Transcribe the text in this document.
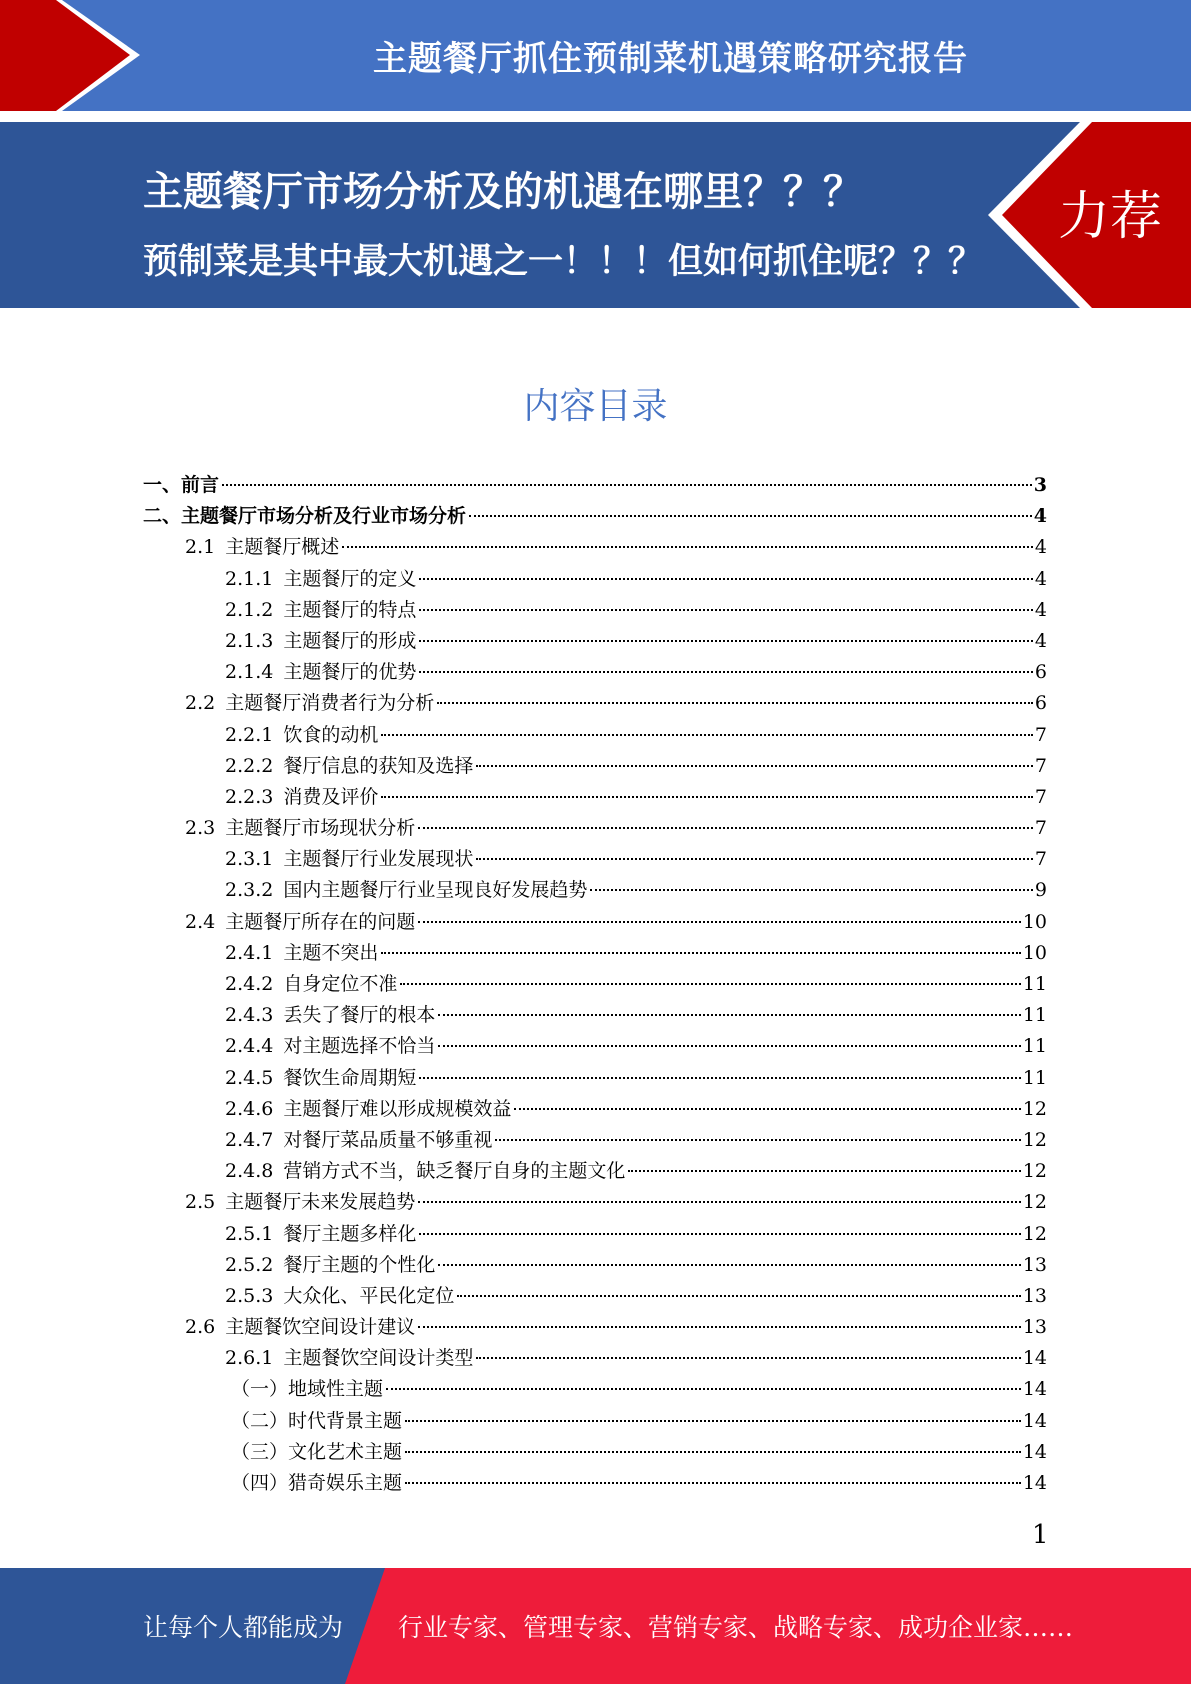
主题餐厅抓住预制菜机遇策略研究报告
主题餐厅市场分析及的机遇在哪里？？？
预制菜是其中最大机遇之一！！！但如何抓住呢？？？
力荐
内容目录
一、 前言	3
二、 主题餐厅市场分析及行业市场分析	4
2.1 主题餐厅概述	4
2.1.1 主题餐厅的定义	4
2.1.2 主题餐厅的特点	4
2.1.3 主题餐厅的形成	4
2.1.4 主题餐厅的优势	6
2.2 主题餐厅消费者行为分析	6
2.2.1 饮食的动机	7
2.2.2 餐厅信息的获知及选择	7
2.2.3 消费及评价	7
2.3 主题餐厅市场现状分析	7
2.3.1 主题餐厅行业发展现状	7
2.3.2 国内主题餐厅行业呈现良好发展趋势	9
2.4 主题餐厅所存在的问题	10
2.4.1 主题不突出	10
2.4.2 自身定位不准	11
2.4.3 丢失了餐厅的根本	11
2.4.4 对主题选择不恰当	11
2.4.5 餐饮生命周期短	11
2.4.6 主题餐厅难以形成规模效益	12
2.4.7 对餐厅菜品质量不够重视	12
2.4.8 营销方式不当，缺乏餐厅自身的主题文化	12
2.5 主题餐厅未来发展趋势	12
2.5.1 餐厅主题多样化	12
2.5.2 餐厅主题的个性化	13
2.5.3 大众化、平民化定位	13
2.6 主题餐饮空间设计建议	13
2.6.1 主题餐饮空间设计类型	14
（一）地域性主题	14
（二）时代背景主题	14
（三）文化艺术主题	14
（四）猎奇娱乐主题	14
1
让每个人都能成为 行业专家、管理专家、营销专家、战略专家、成功企业家……
